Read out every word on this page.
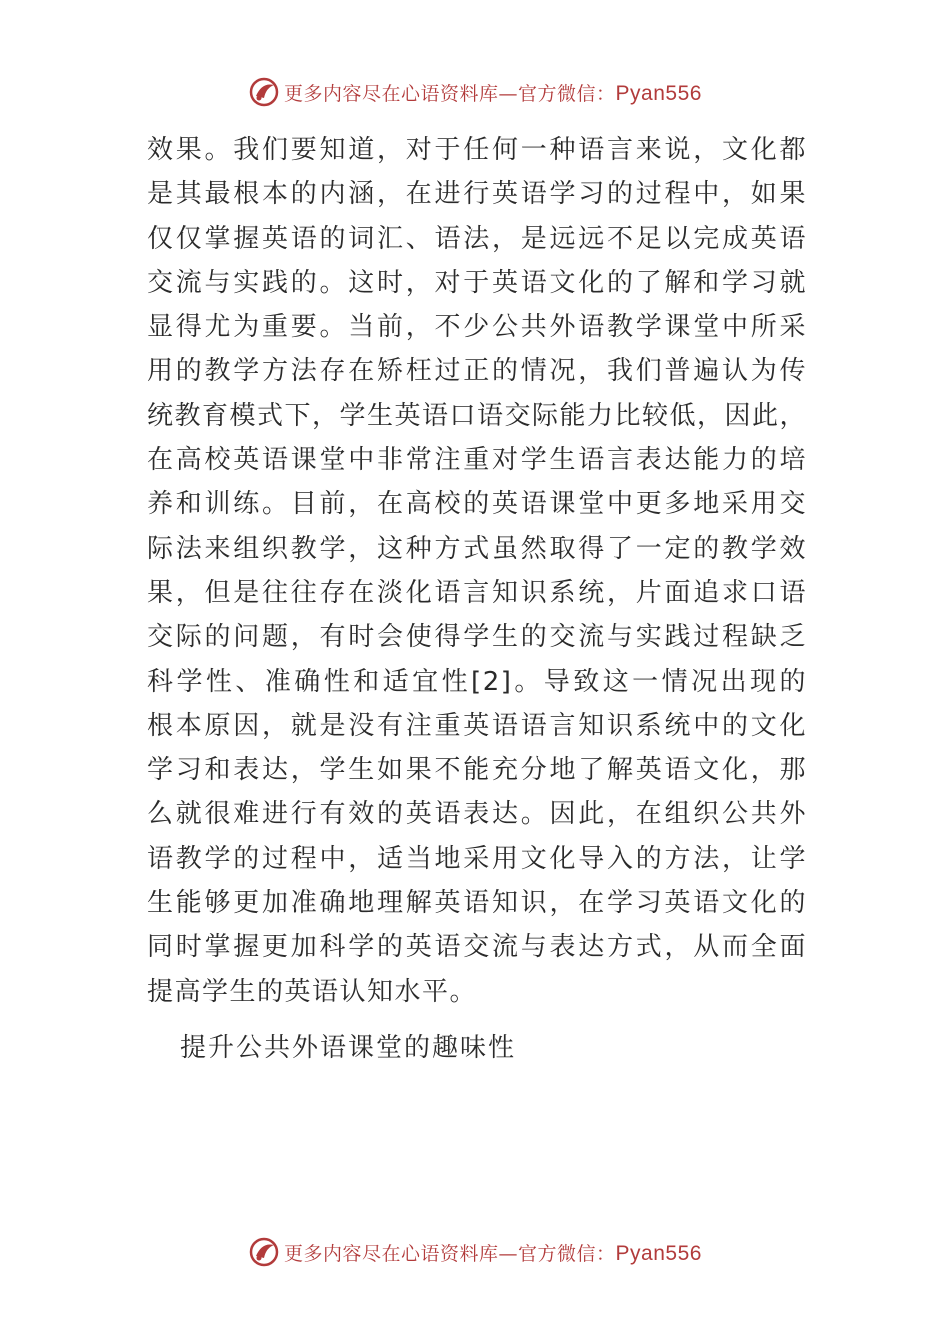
更多内容尽在心语资料库—官方微信：Pyan556
效果。我们要知道，对于任何一种语言来说，文化都
是其最根本的内涵，在进行英语学习的过程中，如果
仅仅掌握英语的词汇、语法，是远远不足以完成英语
交流与实践的。这时，对于英语文化的了解和学习就
显得尤为重要。当前，不少公共外语教学课堂中所采
用的教学方法存在矫枉过正的情况，我们普遍认为传
统教育模式下，学生英语口语交际能力比较低，因此，
在高校英语课堂中非常注重对学生语言表达能力的培
养和训练。目前，在高校的英语课堂中更多地采用交
际法来组织教学，这种方式虽然取得了一定的教学效
果，但是往往存在淡化语言知识系统，片面追求口语
交际的问题，有时会使得学生的交流与实践过程缺乏
科学性、准确性和适宜性[2]。导致这一情况出现的
根本原因，就是没有注重英语语言知识系统中的文化
学习和表达，学生如果不能充分地了解英语文化，那
么就很难进行有效的英语表达。因此，在组织公共外
语教学的过程中，适当地采用文化导入的方法，让学
生能够更加准确地理解英语知识，在学习英语文化的
同时掌握更加科学的英语交流与表达方式，从而全面
提高学生的英语认知水平。
提升公共外语课堂的趣味性
更多内容尽在心语资料库—官方微信：Pyan556
